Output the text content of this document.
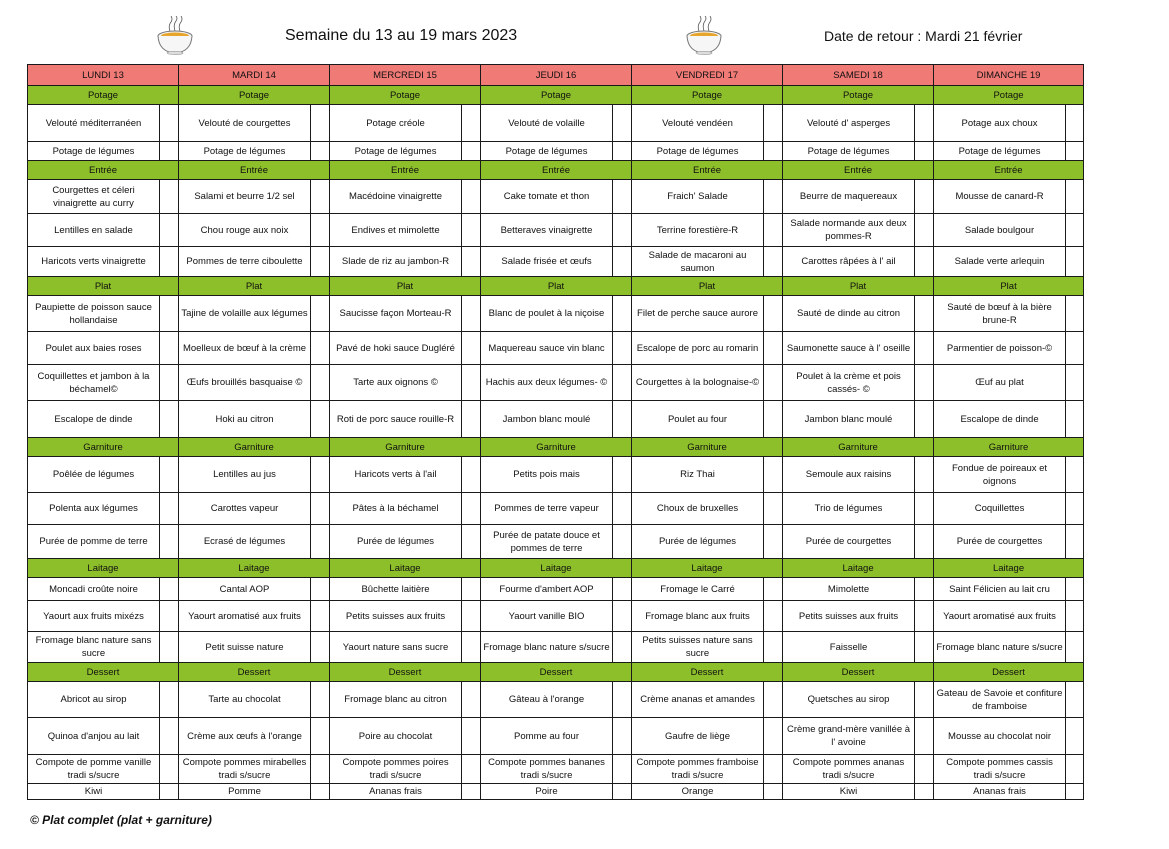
Semaine du 13 au 19 mars 2023	Date de retour : Mardi 21 février
LUNDI 13		MARDI 14		MERCREDI 15		JEUDI 16		VENDREDI 17		SAMEDI 18		DIMANCHE 19	
Potage		Potage		Potage		Potage		Potage		Potage		Potage	
Velouté méditerranéen		Velouté de courgettes		Potage créole		Velouté de volaille		Velouté vendéen		Velouté d' asperges		Potage aux choux	
Potage de légumes		Potage de légumes		Potage de légumes		Potage de légumes		Potage de légumes		Potage de légumes		Potage de légumes	
Entrée		Entrée		Entrée		Entrée		Entrée		Entrée		Entrée	
Courgettes et céleri vinaigrette au curry		Salami et beurre 1/2 sel		Macédoine vinaigrette		Cake tomate et thon		Fraich' Salade		Beurre de maquereaux		Mousse de canard-R	
Lentilles en salade		Chou rouge aux noix		Endives et mimolette		Betteraves vinaigrette		Terrine forestière-R		Salade normande aux deux pommes-R		Salade boulgour	
Haricots verts vinaigrette		Pommes de terre ciboulette		Slade de riz au jambon-R		Salade frisée et œufs		Salade de macaroni au saumon		Carottes râpées à l' ail		Salade verte arlequin	
Plat		Plat		Plat		Plat		Plat		Plat		Plat	
Paupiette de poisson sauce hollandaise		Tajine de volaille aux légumes		Saucisse façon Morteau-R		Blanc de poulet à la niçoise		Filet de perche sauce aurore		Sauté de dinde au citron		Sauté de bœuf à la bière brune-R	
Poulet aux baies roses		Moelleux de bœuf à la crème		Pavé de hoki sauce Dugléré		Maquereau sauce vin blanc		Escalope de porc au romarin		Saumonette sauce à l' oseille		Parmentier de poisson-©	
Coquillettes et jambon à la béchamel©		Œufs brouillés basquaise ©		Tarte aux oignons ©		Hachis aux deux légumes- ©		Courgettes à la bolognaise-©		Poulet à la crème et pois cassés- ©		Œuf au plat	
Escalope de dinde		Hoki au citron		Roti de porc sauce rouille-R		Jambon blanc moulé		Poulet au four		Jambon blanc moulé		Escalope de dinde	
Garniture		Garniture		Garniture		Garniture		Garniture		Garniture		Garniture	
Poêlée de légumes		Lentilles au jus		Haricots verts à l'ail		Petits pois mais		Riz Thai		Semoule aux raisins		Fondue de poireaux et oignons	
Polenta aux légumes		Carottes vapeur		Pâtes à la béchamel		Pommes de terre vapeur		Choux de bruxelles		Trio de légumes		Coquillettes	
Purée de pomme de terre		Ecrasé de légumes		Purée de légumes		Purée de patate douce et pommes de terre		Purée de légumes		Purée de courgettes		Purée de courgettes	
Laitage		Laitage		Laitage		Laitage		Laitage		Laitage		Laitage	
Moncadi croûte noire		Cantal AOP		Bûchette laitière		Fourme d'ambert AOP		Fromage le Carré		Mimolette		Saint Félicien au lait cru	
Yaourt aux fruits mixézs		Yaourt aromatisé aux fruits		Petits suisses aux fruits		Yaourt vanille BIO		Fromage blanc aux fruits		Petits suisses aux fruits		Yaourt aromatisé aux fruits	
Fromage blanc nature sans sucre		Petit suisse nature		Yaourt nature sans sucre		Fromage blanc nature s/sucre		Petits suisses nature sans sucre		Faisselle		Fromage blanc nature s/sucre	
Dessert		Dessert		Dessert		Dessert		Dessert		Dessert		Dessert	
Abricot au sirop		Tarte au chocolat		Fromage blanc au citron		Gâteau à l'orange		Crème ananas et amandes		Quetsches au sirop		Gateau de Savoie et confiture de framboise	
Quinoa d'anjou au lait		Crème aux œufs à l'orange		Poire au chocolat		Pomme au four		Gaufre de liège		Crème grand-mère vanillée à l' avoine		Mousse au chocolat noir	
Compote de pomme vanille tradi s/sucre		Compote pommes mirabelles tradi s/sucre		Compote pommes poires tradi s/sucre		Compote pommes bananes tradi s/sucre		Compote pommes framboise tradi s/sucre		Compote pommes ananas tradi s/sucre		Compote pommes cassis tradi s/sucre	
Kiwi		Pomme		Ananas frais		Poire		Orange		Kiwi		Ananas frais	
© Plat complet (plat + garniture)
